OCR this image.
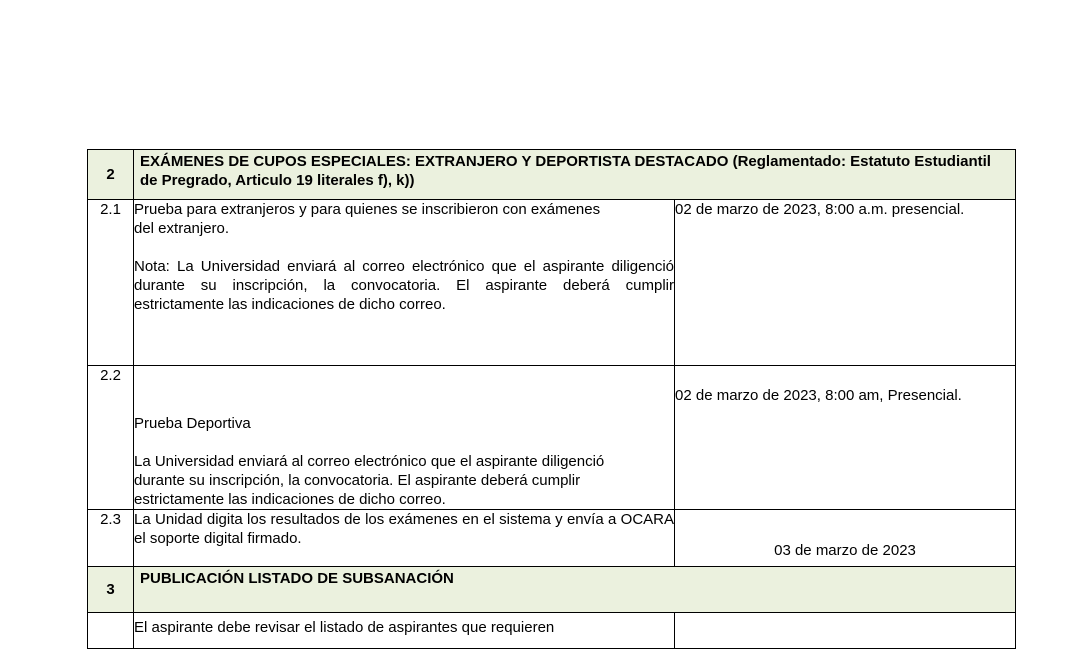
2	EXÁMENES DE CUPOS ESPECIALES: EXTRANJERO Y DEPORTISTA DESTACADO (Reglamentado: Estatuto Estudiantil de Pregrado, Articulo 19 literales f), k))	
2.1	Prueba para extranjeros y para quienes se inscribieron con exámenes del extranjero.

Nota: La Universidad enviará al correo electrónico que el aspirante diligenció durante su inscripción, la convocatoria. El aspirante deberá cumplir estrictamente las indicaciones de dicho correo.	02 de marzo de 2023, 8:00 a.m. presencial.
2.2	Prueba Deportiva

La Universidad enviará al correo electrónico que el aspirante diligenció durante su inscripción, la convocatoria. El aspirante deberá cumplir estrictamente las indicaciones de dicho correo.	02 de marzo de 2023, 8:00 am, Presencial.
2.3	La Unidad digita los resultados de los exámenes en el sistema y envía a OCARA el soporte digital firmado.	03 de marzo de 2023
3	PUBLICACIÓN LISTADO DE SUBSANACIÓN	
	El aspirante debe revisar el listado de aspirantes que requieren	
